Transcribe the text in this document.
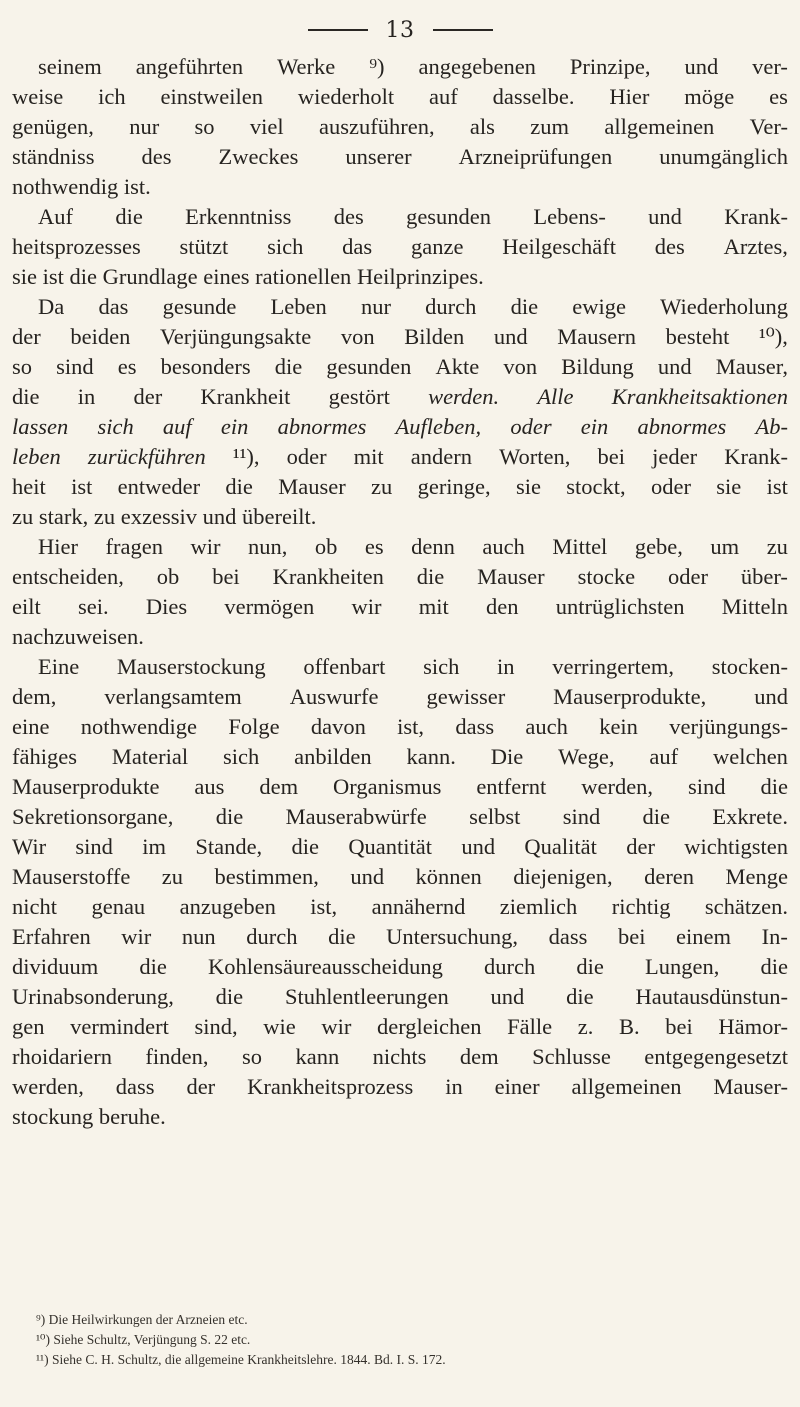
13
seinem angeführten Werke ⁹) angegebenen Prinzipe, und ver-
weise ich einstweilen wiederholt auf dasselbe. Hier möge es
genügen, nur so viel auszuführen, als zum allgemeinen Ver-
ständniss des Zweckes unserer Arzneiprüfungen unumgänglich
nothwendig ist.
Auf die Erkenntniss des gesunden Lebens- und Krank-
heitsprozesses stützt sich das ganze Heilgeschäft des Arztes,
sie ist die Grundlage eines rationellen Heilprinzipes.
Da das gesunde Leben nur durch die ewige Wiederholung
der beiden Verjüngungsakte von Bilden und Mausern besteht ¹⁰),
so sind es besonders die gesunden Akte von Bildung und Mauser,
die in der Krankheit gestört werden. Alle Krankheitsaktionen
lassen sich auf ein abnormes Aufleben, oder ein abnormes Ab-
leben zurückführen ¹¹), oder mit andern Worten, bei jeder Krank-
heit ist entweder die Mauser zu geringe, sie stockt, oder sie ist
zu stark, zu exzessiv und übereilt.
Hier fragen wir nun, ob es denn auch Mittel gebe, um zu
entscheiden, ob bei Krankheiten die Mauser stocke oder über-
eilt sei. Dies vermögen wir mit den untrüglichsten Mitteln
nachzuweisen.
Eine Mauserstockung offenbart sich in verringertem, stocken-
dem, verlangsamtem Auswurfe gewisser Mauserprodukte, und
eine nothwendige Folge davon ist, dass auch kein verjüngungs-
fähiges Material sich anbilden kann. Die Wege, auf welchen
Mauserprodukte aus dem Organismus entfernt werden, sind die
Sekretionsorgane, die Mauserabwürfe selbst sind die Exkrete.
Wir sind im Stande, die Quantität und Qualität der wichtigsten
Mauserstoffe zu bestimmen, und können diejenigen, deren Menge
nicht genau anzugeben ist, annähernd ziemlich richtig schätzen.
Erfahren wir nun durch die Untersuchung, dass bei einem In-
dividuum die Kohlensäureausscheidung durch die Lungen, die
Urinabsonderung, die Stuhlentleerungen und die Hautausdünstun-
gen vermindert sind, wie wir dergleichen Fälle z. B. bei Hämor-
rhoidariern finden, so kann nichts dem Schlusse entgegengesetzt
werden, dass der Krankheitsprozess in einer allgemeinen Mauser-
stockung beruhe.
⁹) Die Heilwirkungen der Arzneien etc.
¹⁰) Siehe Schultz, Verjüngung S. 22 etc.
¹¹) Siehe C. H. Schultz, die allgemeine Krankheitslehre. 1844. Bd. I. S. 172.
